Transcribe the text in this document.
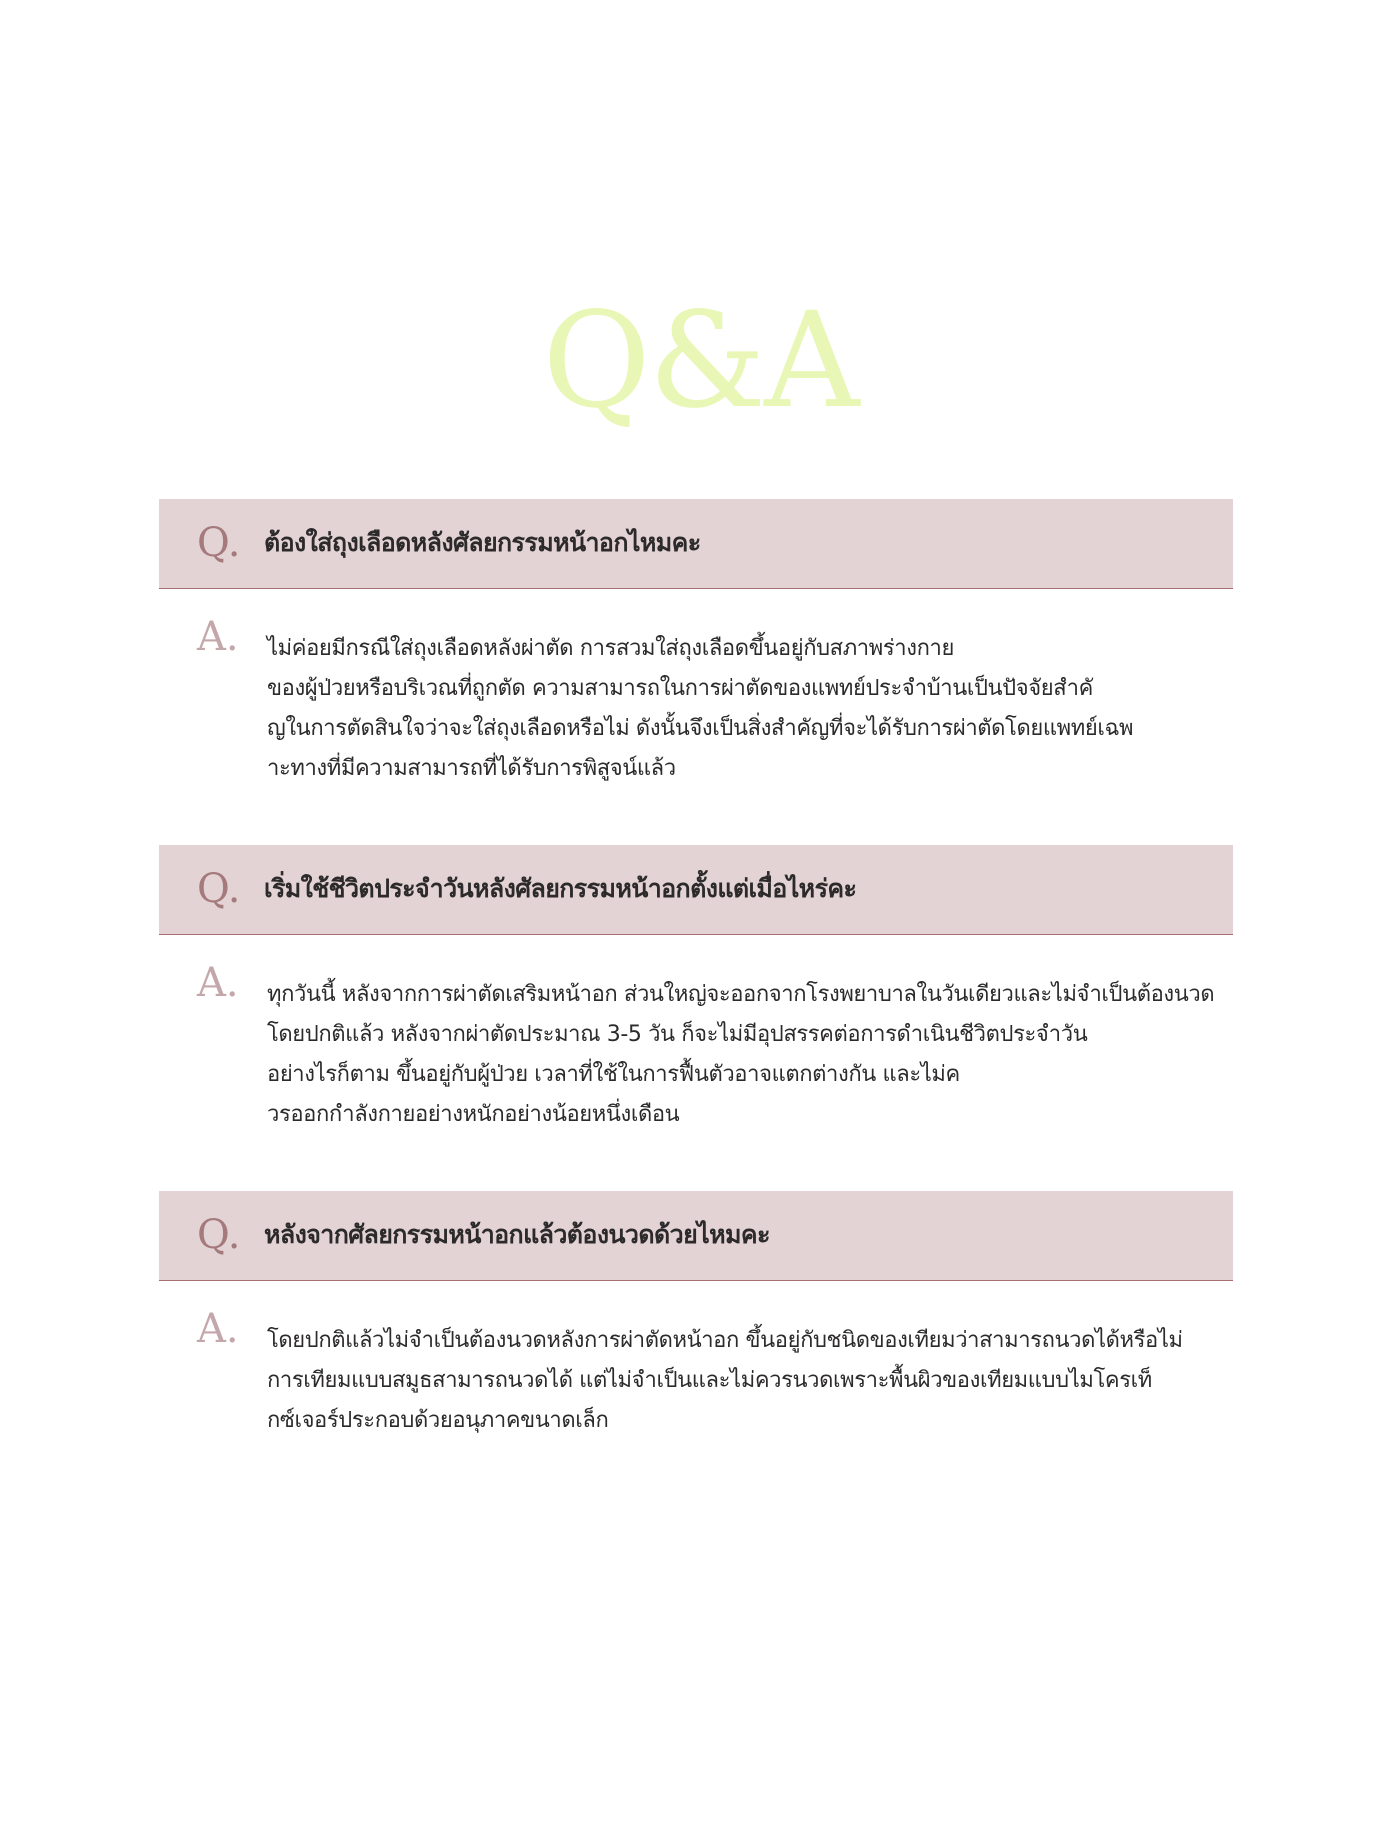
Q&A
Q. ต้องใส่ถุงเลือดหลังศัลยกรรมหน้าอกไหมคะ
A. ไม่ค่อยมีกรณีใส่ถุงเลือดหลังผ่าตัด การสวมใส่ถุงเลือดขึ้นอยู่กับสภาพร่างกาย
ของผู้ป่วยหรือบริเวณที่ถูกตัด ความสามารถในการผ่าตัดของแพทย์ประจำบ้านเป็นปัจจัยสำคั
ญในการตัดสินใจว่าจะใส่ถุงเลือดหรือไม่ ดังนั้นจึงเป็นสิ่งสำคัญที่จะได้รับการผ่าตัดโดยแพทย์เฉพ
าะทางที่มีความสามารถที่ได้รับการพิสูจน์แล้ว
Q. เริ่มใช้ชีวิตประจำวันหลังศัลยกรรมหน้าอกตั้งแต่เมื่อไหร่คะ
A. ทุกวันนี้ หลังจากการผ่าตัดเสริมหน้าอก ส่วนใหญ่จะออกจากโรงพยาบาลในวันเดียวและไม่จำเป็นต้องนวด
โดยปกติแล้ว หลังจากผ่าตัดประมาณ 3-5 วัน ก็จะไม่มีอุปสรรคต่อการดำเนินชีวิตประจำวัน
อย่างไรก็ตาม ขึ้นอยู่กับผู้ป่วย เวลาที่ใช้ในการฟื้นตัวอาจแตกต่างกัน และไม่ค
วรออกกำลังกายอย่างหนักอย่างน้อยหนึ่งเดือน
Q. หลังจากศัลยกรรมหน้าอกแล้วต้องนวดด้วยไหมคะ
A. โดยปกติแล้วไม่จำเป็นต้องนวดหลังการผ่าตัดหน้าอก ขึ้นอยู่กับชนิดของเทียมว่าสามารถนวดได้หรือไม่
การเทียมแบบสมูธสามารถนวดได้ แต่ไม่จำเป็นและไม่ควรนวดเพราะพื้นผิวของเทียมแบบไมโครเท็
กซ์เจอร์ประกอบด้วยอนุภาคขนาดเล็ก
